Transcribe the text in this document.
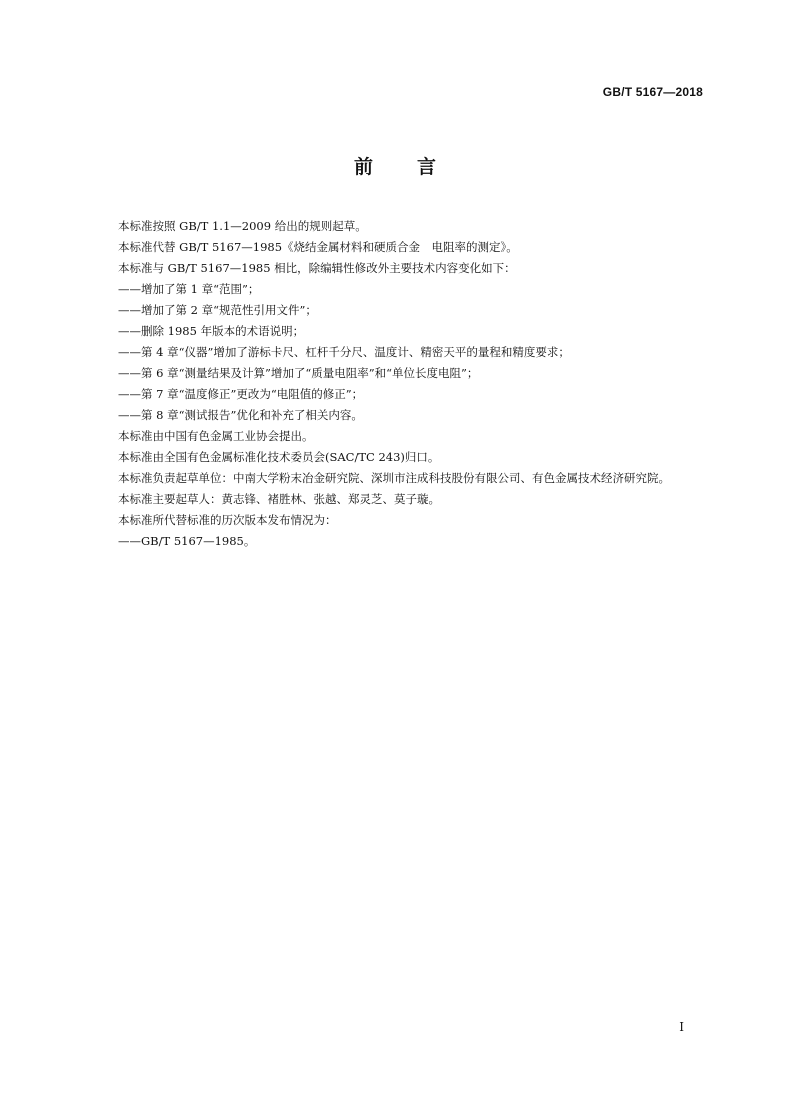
GB/T 5167—2018
前 言

本标准按照 GB/T 1.1—2009 给出的规则起草。

本标准代替 GB/T 5167—1985《烧结金属材料和硬质合金　电阻率的测定》。

本标准与 GB/T 5167—1985 相比，除编辑性修改外主要技术内容变化如下：

——增加了第 1 章“范围”；

——增加了第 2 章“规范性引用文件”；

——删除 1985 年版本的术语说明；

——第 4 章“仪器”增加了游标卡尺、杠杆千分尺、温度计、精密天平的量程和精度要求；

——第 6 章“测量结果及计算”增加了“质量电阻率”和“单位长度电阻”；

——第 7 章“温度修正”更改为“电阻值的修正”；

——第 8 章“测试报告”优化和补充了相关内容。

本标准由中国有色金属工业协会提出。

本标准由全国有色金属标准化技术委员会(SAC/TC 243)归口。

本标准负责起草单位：中南大学粉末冶金研究院、深圳市注成科技股份有限公司、有色金属技术经济研究院。

本标准主要起草人：黄志锋、褚胜林、张越、郑灵芝、莫子璇。

本标准所代替标准的历次版本发布情况为：

——GB/T 5167—1985。

Ⅰ
